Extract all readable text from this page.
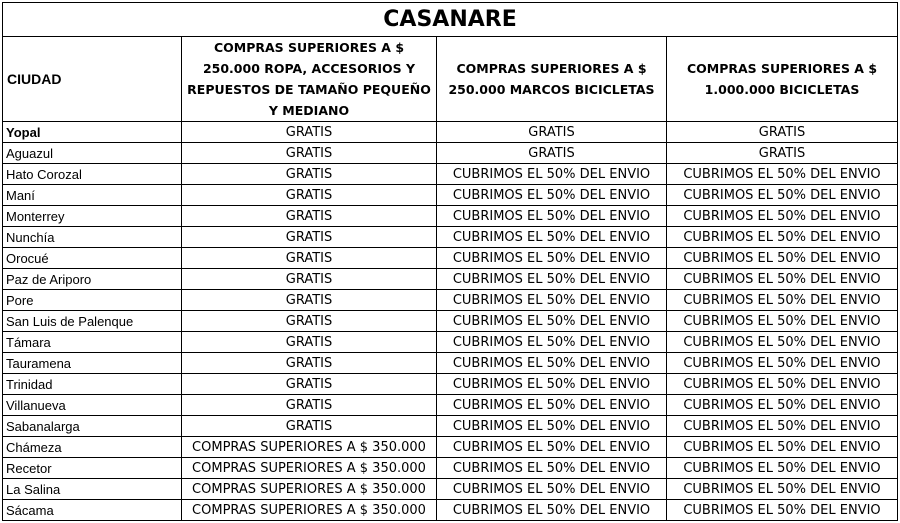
CASANARE			
CIUDAD	COMPRAS SUPERIORES A $ 250.000 ROPA, ACCESORIOS Y REPUESTOS DE TAMAÑO PEQUEÑO Y MEDIANO	COMPRAS SUPERIORES A $ 250.000 MARCOS BICICLETAS	COMPRAS SUPERIORES A $ 1.000.000 BICICLETAS
Yopal	GRATIS	GRATIS	GRATIS
Aguazul	GRATIS	GRATIS	GRATIS
Hato Corozal	GRATIS	CUBRIMOS EL 50% DEL ENVIO	CUBRIMOS EL 50% DEL ENVIO
Maní	GRATIS	CUBRIMOS EL 50% DEL ENVIO	CUBRIMOS EL 50% DEL ENVIO
Monterrey	GRATIS	CUBRIMOS EL 50% DEL ENVIO	CUBRIMOS EL 50% DEL ENVIO
Nunchía	GRATIS	CUBRIMOS EL 50% DEL ENVIO	CUBRIMOS EL 50% DEL ENVIO
Orocué	GRATIS	CUBRIMOS EL 50% DEL ENVIO	CUBRIMOS EL 50% DEL ENVIO
Paz de Ariporo	GRATIS	CUBRIMOS EL 50% DEL ENVIO	CUBRIMOS EL 50% DEL ENVIO
Pore	GRATIS	CUBRIMOS EL 50% DEL ENVIO	CUBRIMOS EL 50% DEL ENVIO
San Luis de Palenque	GRATIS	CUBRIMOS EL 50% DEL ENVIO	CUBRIMOS EL 50% DEL ENVIO
Támara	GRATIS	CUBRIMOS EL 50% DEL ENVIO	CUBRIMOS EL 50% DEL ENVIO
Tauramena	GRATIS	CUBRIMOS EL 50% DEL ENVIO	CUBRIMOS EL 50% DEL ENVIO
Trinidad	GRATIS	CUBRIMOS EL 50% DEL ENVIO	CUBRIMOS EL 50% DEL ENVIO
Villanueva	GRATIS	CUBRIMOS EL 50% DEL ENVIO	CUBRIMOS EL 50% DEL ENVIO
Sabanalarga	GRATIS	CUBRIMOS EL 50% DEL ENVIO	CUBRIMOS EL 50% DEL ENVIO
Chámeza	COMPRAS SUPERIORES A $ 350.000	CUBRIMOS EL 50% DEL ENVIO	CUBRIMOS EL 50% DEL ENVIO
Recetor	COMPRAS SUPERIORES A $ 350.000	CUBRIMOS EL 50% DEL ENVIO	CUBRIMOS EL 50% DEL ENVIO
La Salina	COMPRAS SUPERIORES A $ 350.000	CUBRIMOS EL 50% DEL ENVIO	CUBRIMOS EL 50% DEL ENVIO
Sácama	COMPRAS SUPERIORES A $ 350.000	CUBRIMOS EL 50% DEL ENVIO	CUBRIMOS EL 50% DEL ENVIO
